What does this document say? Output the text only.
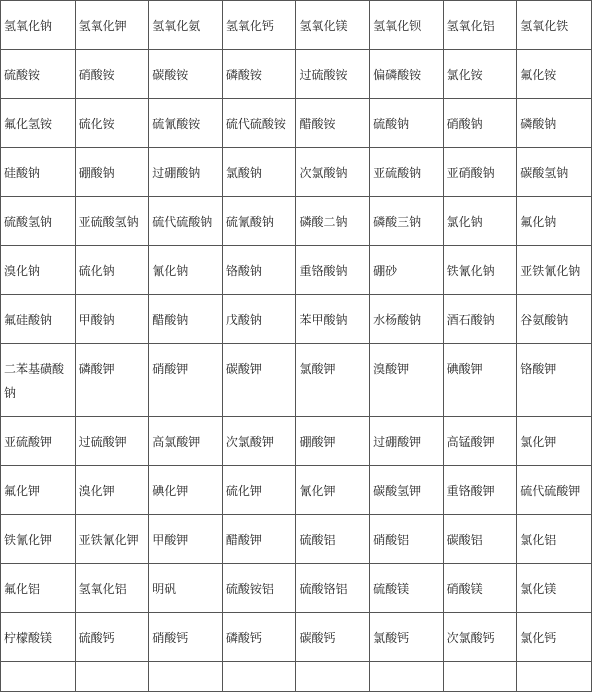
氢氧化钠	氢氧化钾	氢氧化氨	氢氧化钙	氢氧化镁	氢氧化钡	氢氧化铝	氢氧化铁
硫酸铵	硝酸铵	碳酸铵	磷酸铵	过硫酸铵	偏磷酸铵	氯化铵	氟化铵
氟化氢铵	硫化铵	硫氰酸铵	硫代硫酸铵	醋酸铵	硫酸钠	硝酸钠	磷酸钠
硅酸钠	硼酸钠	过硼酸钠	氯酸钠	次氯酸钠	亚硫酸钠	亚硝酸钠	碳酸氢钠
硫酸氢钠	亚硫酸氢钠	硫代硫酸钠	硫氰酸钠	磷酸二钠	磷酸三钠	氯化钠	氟化钠
溴化钠	硫化钠	氰化钠	铬酸钠	重铬酸钠	硼砂	铁氰化钠	亚铁氰化钠
氟硅酸钠	甲酸钠	醋酸钠	戊酸钠	苯甲酸钠	水杨酸钠	酒石酸钠	谷氨酸钠
二苯基磺酸钠	磷酸钾	硝酸钾	碳酸钾	氯酸钾	溴酸钾	碘酸钾	铬酸钾
亚硫酸钾	过硫酸钾	高氯酸钾	次氯酸钾	硼酸钾	过硼酸钾	高锰酸钾	氯化钾
氟化钾	溴化钾	碘化钾	硫化钾	氰化钾	碳酸氢钾	重铬酸钾	硫代硫酸钾
铁氰化钾	亚铁氰化钾	甲酸钾	醋酸钾	硫酸铝	硝酸铝	碳酸铝	氯化铝
氟化铝	氢氧化铝	明矾	硫酸铵铝	硫酸铬铝	硫酸镁	硝酸镁	氯化镁
柠檬酸镁	硫酸钙	硝酸钙	磷酸钙	碳酸钙	氯酸钙	次氯酸钙	氯化钙
